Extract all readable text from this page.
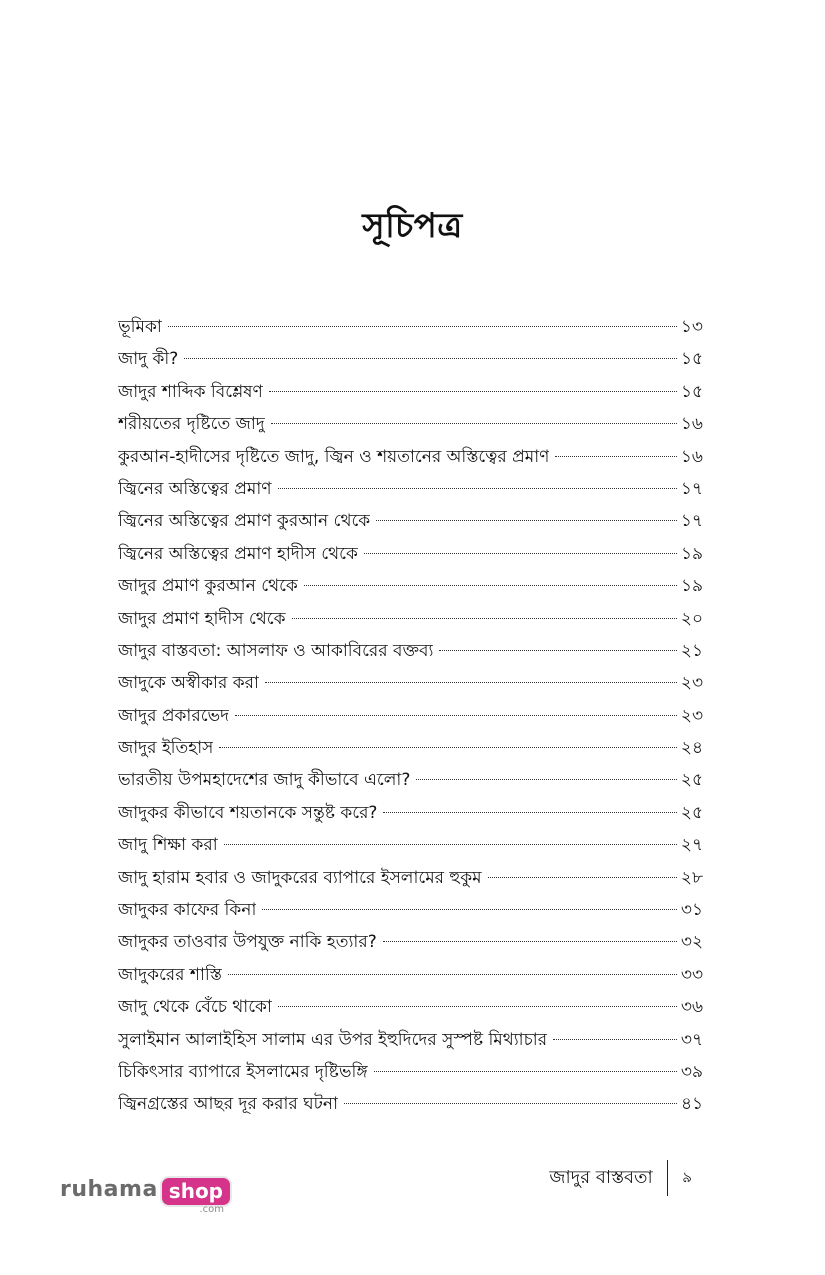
সূচিপত্র
ভূমিকা	১৩
জাদু কী?	১৫
জাদুর শাব্দিক বিশ্লেষণ	১৫
শরীয়তের দৃষ্টিতে জাদু	১৬
কুরআন-হাদীসের দৃষ্টিতে জাদু, জ্বিন ও শয়তানের অস্তিত্বের প্রমাণ	১৬
জ্বিনের অস্তিত্বের প্রমাণ	১৭
জ্বিনের অস্তিত্বের প্রমাণ কুরআন থেকে	১৭
জ্বিনের অস্তিত্বের প্রমাণ হাদীস থেকে	১৯
জাদুর প্রমাণ কুরআন থেকে	১৯
জাদুর প্রমাণ হাদীস থেকে	২০
জাদুর বাস্তবতা: আসলাফ ও আকাবিরের বক্তব্য	২১
জাদুকে অস্বীকার করা	২৩
জাদুর প্রকারভেদ	২৩
জাদুর ইতিহাস	২৪
ভারতীয় উপমহাদেশের জাদু কীভাবে এলো?	২৫
জাদুকর কীভাবে শয়তানকে সন্তুষ্ট করে?	২৫
জাদু শিক্ষা করা	২৭
জাদু হারাম হবার ও জাদুকরের ব্যাপারে ইসলামের হুকুম	২৮
জাদুকর কাফের কিনা	৩১
জাদুকর তাওবার উপযুক্ত নাকি হত্যার?	৩২
জাদুকরের শাস্তি	৩৩
জাদু থেকে বেঁচে থাকো	৩৬
সুলাইমান আলাইহিস সালাম এর উপর ইহুদিদের সুস্পষ্ট মিথ্যাচার	৩৭
চিকিৎসার ব্যাপারে ইসলামের দৃষ্টিভঙ্গি	৩৯
জ্বিনগ্রস্তের আছর দূর করার ঘটনা	৪১
জাদুর বাস্তবতা	৯
ruhama shop
.com
